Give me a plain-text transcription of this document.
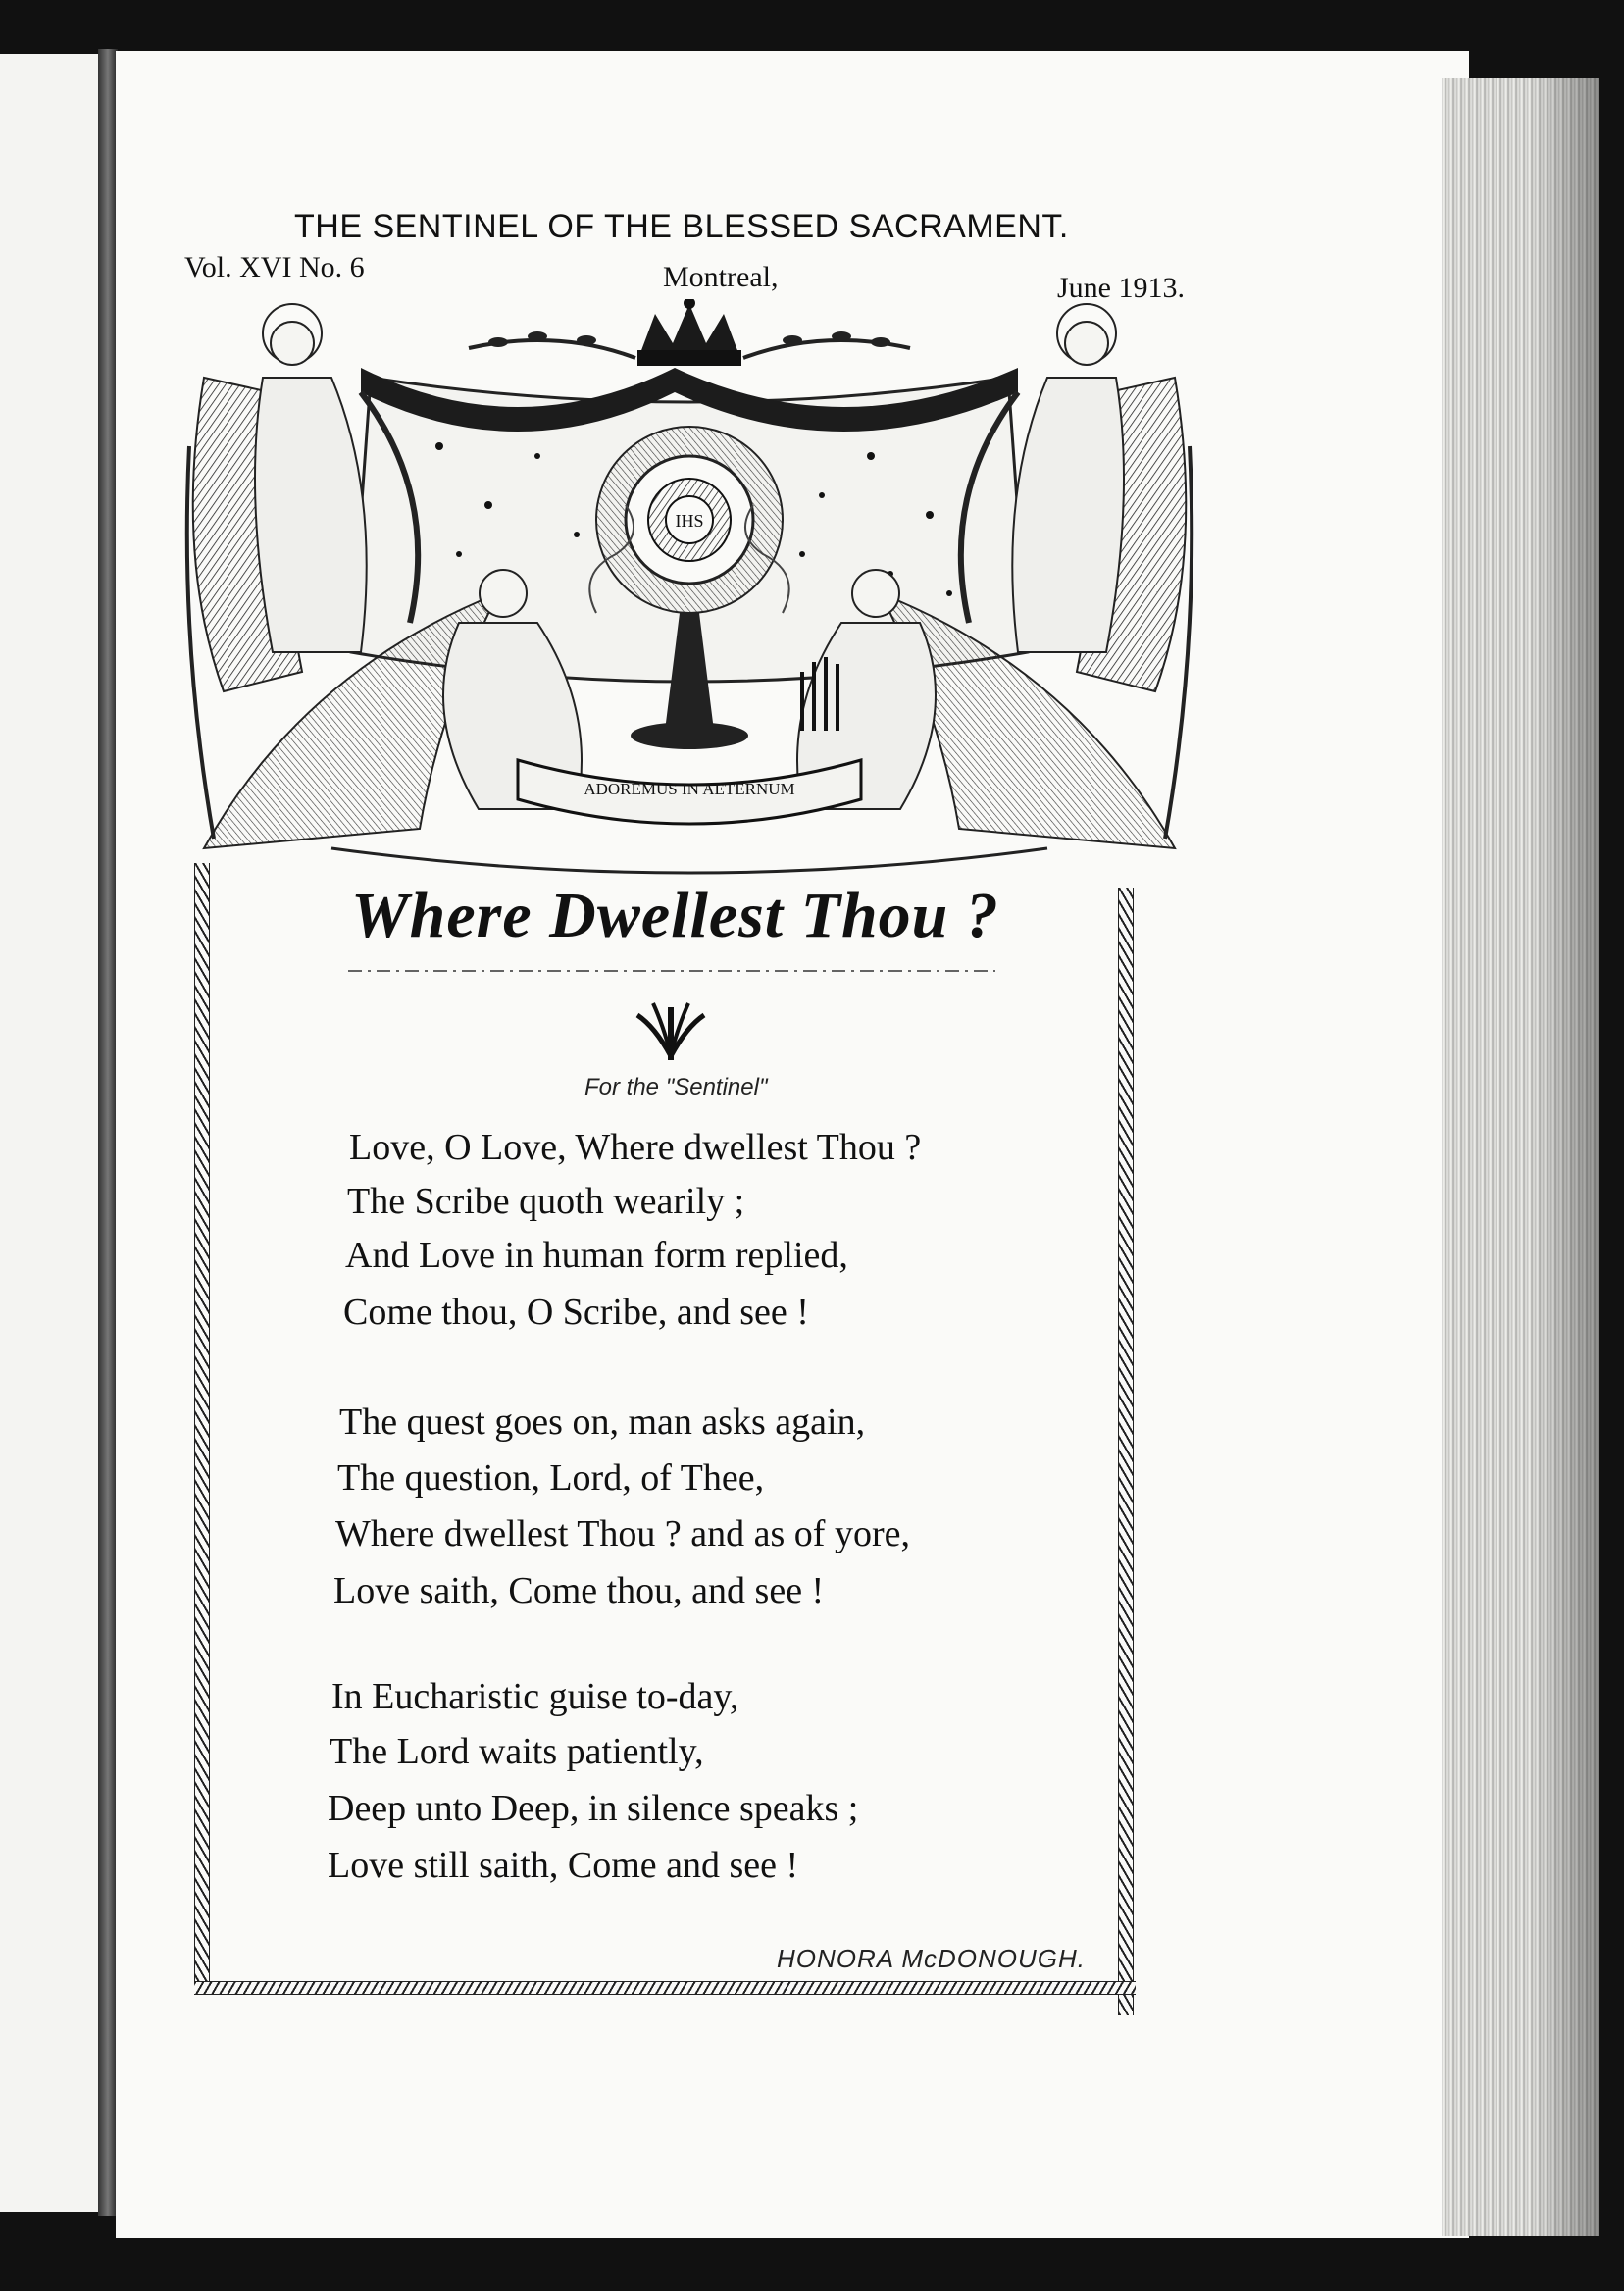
THE SENTINEL OF THE BLESSED SACRAMENT.
Vol. XVI No. 6	Montreal,	June 1913.
IHS
ADOREMUS IN AETERNUM
Where Dwellest Thou ?
For the "Sentinel"
Love, O Love, Where dwellest Thou ?
The Scribe quoth wearily ;
And Love in human form replied,
Come thou, O Scribe, and see !
The quest goes on, man asks again,
The question, Lord, of Thee,
Where dwellest Thou ? and as of yore,
Love saith, Come thou, and see !
In Eucharistic guise to-day,
The Lord waits patiently,
Deep unto Deep, in silence speaks ;
Love still saith, Come and see !
HONORA McDONOUGH.
